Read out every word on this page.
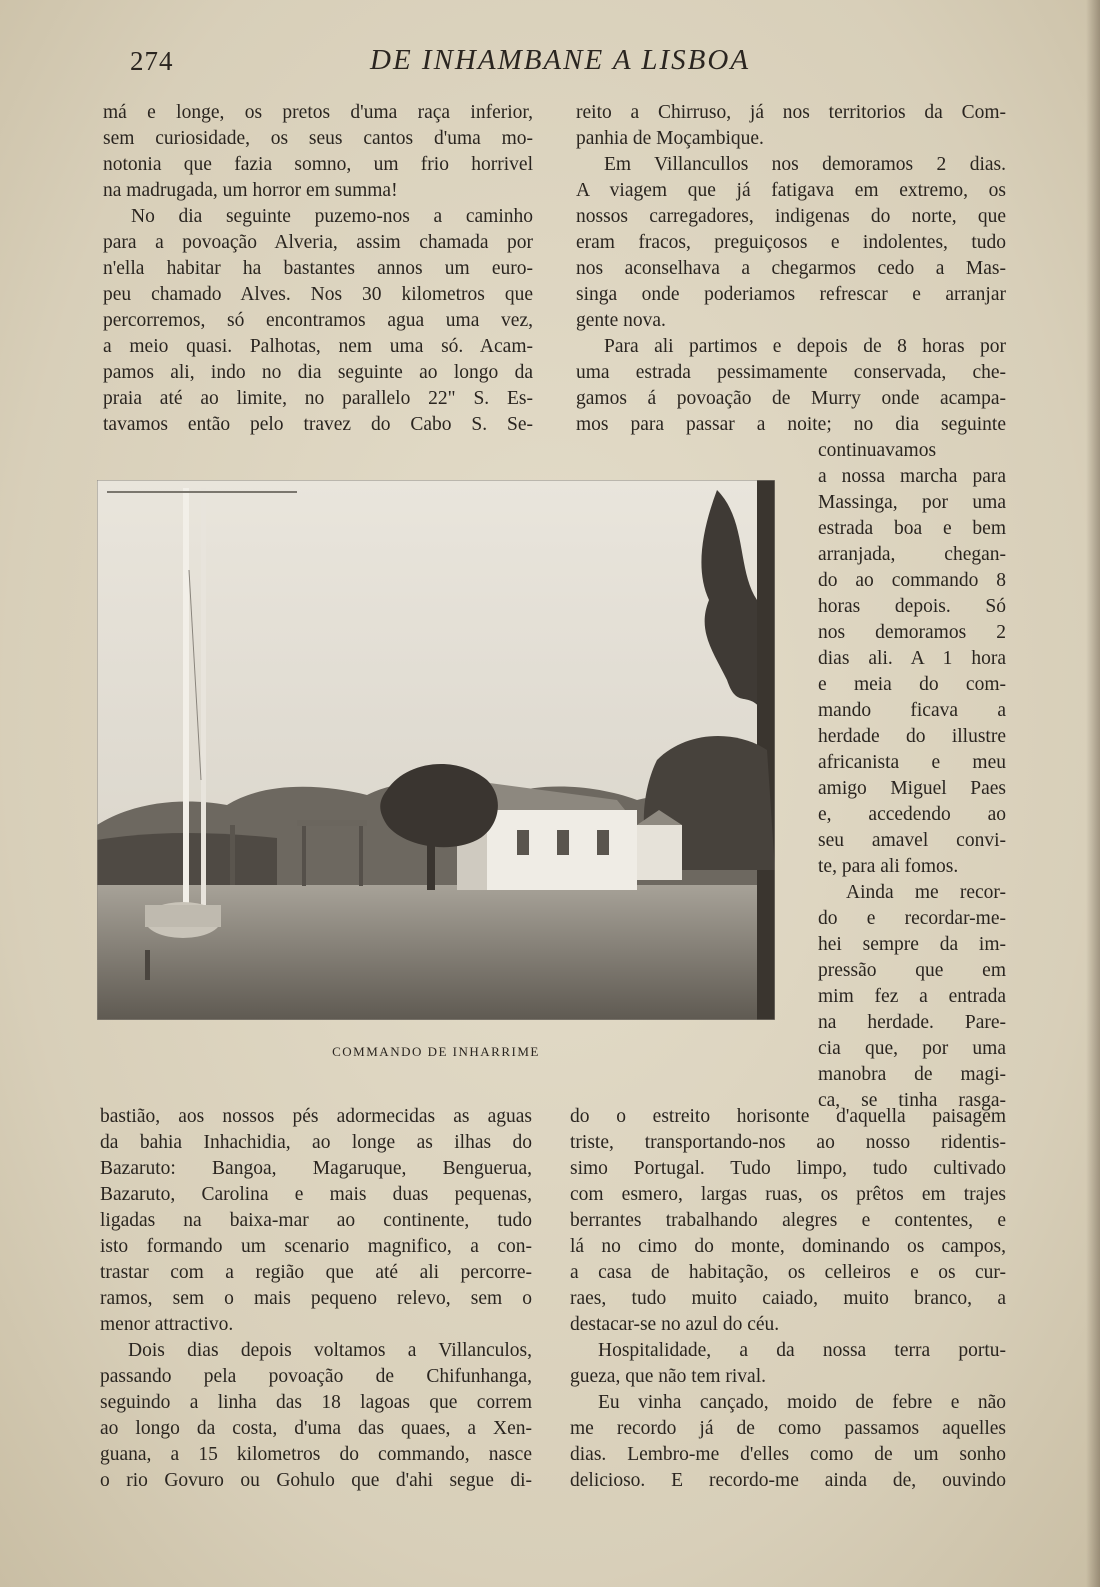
274	DE INHAMBANE A LISBOA
má e longe, os pretos d'uma raça inferior,
sem curiosidade, os seus cantos d'uma mo-
notonia que fazia somno, um frio horrivel
na madrugada, um horror em summa!
No dia seguinte puzemo-nos a caminho
para a povoação Alveria, assim chamada por
n'ella habitar ha bastantes annos um euro-
peu chamado Alves. Nos 30 kilometros que
percorremos, só encontramos agua uma vez,
a meio quasi. Palhotas, nem uma só. Acam-
pamos ali, indo no dia seguinte ao longo da
praia até ao limite, no parallelo 22" S. Es-
tavamos então pelo travez do Cabo S. Se-
reito a Chirruso, já nos territorios da Com-
panhia de Moçambique.
Em Villancullos nos demoramos 2 dias.
A viagem que já fatigava em extremo, os
nossos carregadores, indigenas do norte, que
eram fracos, preguiçosos e indolentes, tudo
nos aconselhava a chegarmos cedo a Mas-
singa onde poderiamos refrescar e arranjar
gente nova.
Para ali partimos e depois de 8 horas por
uma estrada pessimamente conservada, che-
gamos á povoação de Murry onde acampa-
mos para passar a noite; no dia seguinte
continuavamos
a nossa marcha para
Massinga, por uma
estrada boa e bem
arranjada, chegan-
do ao commando 8
horas depois. Só
nos demoramos 2
dias ali. A 1 hora
e meia do com-
mando ficava a
herdade do illustre
africanista e meu
amigo Miguel Paes
e, accedendo ao
seu amavel convi-
te, para ali fomos.
Ainda me recor-
do e recordar-me-
hei sempre da im-
pressão que em
mim fez a entrada
na herdade. Pare-
cia que, por uma
manobra de magi-
ca, se tinha rasga-
COMMANDO DE INHARRIME
bastião, aos nossos pés adormecidas as aguas
da bahia Inhachidia, ao longe as ilhas do
Bazaruto: Bangoa, Magaruque, Benguerua,
Bazaruto, Carolina e mais duas pequenas,
ligadas na baixa-mar ao continente, tudo
isto formando um scenario magnifico, a con-
trastar com a região que até ali percorre-
ramos, sem o mais pequeno relevo, sem o
menor attractivo.
Dois dias depois voltamos a Villanculos,
passando pela povoação de Chifunhanga,
seguindo a linha das 18 lagoas que correm
ao longo da costa, d'uma das quaes, a Xen-
guana, a 15 kilometros do commando, nasce
o rio Govuro ou Gohulo que d'ahi segue di-
do o estreito horisonte d'aquella paisagem
triste, transportando-nos ao nosso ridentis-
simo Portugal. Tudo limpo, tudo cultivado
com esmero, largas ruas, os prêtos em trajes
berrantes trabalhando alegres e contentes, e
lá no cimo do monte, dominando os campos,
a casa de habitação, os celleiros e os cur-
raes, tudo muito caiado, muito branco, a
destacar-se no azul do céu.
Hospitalidade, a da nossa terra portu-
gueza, que não tem rival.
Eu vinha cançado, moido de febre e não
me recordo já de como passamos aquelles
dias. Lembro-me d'elles como de um sonho
delicioso. E recordo-me ainda de, ouvindo
